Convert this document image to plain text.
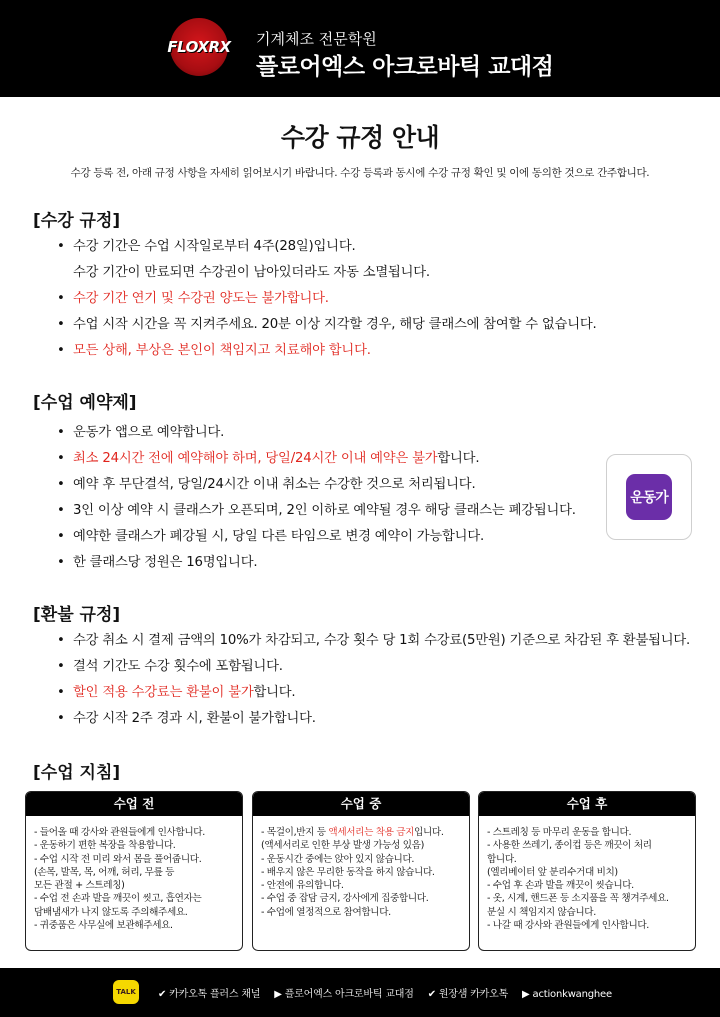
FLOXRX	기계체조 전문학원
플로어엑스 아크로바틱 교대점
수강 규정 안내
수강 등록 전, 아래 규정 사항을 자세히 읽어보시기 바랍니다. 수강 등록과 동시에 수강 규정 확인 및 이에 동의한 것으로 간주합니다.
[수강 규정]
• 수강 기간은 수업 시작일로부터 4주(28일)입니다.
수강 기간이 만료되면 수강권이 남아있더라도 자동 소멸됩니다.
• 수강 기간 연기 및 수강권 양도는 불가합니다.
• 수업 시작 시간을 꼭 지켜주세요. 20분 이상 지각할 경우, 해당 클래스에 참여할 수 없습니다.
• 모든 상해, 부상은 본인이 책임지고 치료해야 합니다.
[수업 예약제]
• 운동가 앱으로 예약합니다.
• 최소 24시간 전에 예약해야 하며, 당일/24시간 이내 예약은 불가합니다.
• 예약 후 무단결석, 당일/24시간 이내 취소는 수강한 것으로 처리됩니다.
• 3인 이상 예약 시 클래스가 오픈되며, 2인 이하로 예약될 경우 해당 클래스는 폐강됩니다.
• 예약한 클래스가 폐강될 시, 당일 다른 타임으로 변경 예약이 가능합니다.
• 한 클래스당 정원은 16명입니다.
운동가
[환불 규정]
• 수강 취소 시 결제 금액의 10%가 차감되고, 수강 횟수 당 1회 수강료(5만원) 기준으로 차감된 후 환불됩니다.
• 결석 기간도 수강 횟수에 포함됩니다.
• 할인 적용 수강료는 환불이 불가합니다.
• 수강 시작 2주 경과 시, 환불이 불가합니다.
[수업 지침]
수업 전
- 들어올 때 강사와 관원들에게 인사합니다.
- 운동하기 편한 복장을 착용합니다.
- 수업 시작 전 미리 와서 몸을 풀어줍니다.
(손목, 발목, 목, 어깨, 허리, 무릎 등
모든 관절 + 스트레칭)
- 수업 전 손과 발을 깨끗이 씻고, 흡연자는
담배냄새가 나지 않도록 주의해주세요.
- 귀중품은 사무실에 보관해주세요.
수업 중
- 목걸이,반지 등 액세서리는 착용 금지입니다.
(액세서리로 인한 부상 발생 가능성 있음)
- 운동시간 중에는 앉아 있지 않습니다.
- 배우지 않은 무리한 동작을 하지 않습니다.
- 안전에 유의합니다.
- 수업 중 잡담 금지, 강사에게 집중합니다.
- 수업에 열정적으로 참여합니다.
수업 후
- 스트레칭 등 마무리 운동을 합니다.
- 사용한 쓰레기, 종이컵 등은 깨끗이 처리
합니다.
(엘리베이터 앞 분리수거대 비치)
- 수업 후 손과 발을 깨끗이 씻습니다.
- 옷, 시계, 핸드폰 등 소지품을 꼭 챙겨주세요.
분실 시 책임지지 않습니다.
- 나갈 때 강사와 관원들에게 인사합니다.
TALK	✔ 카카오톡 플러스 채널 ▶ 플로어엑스 아크로바틱 교대점 ✔ 원장샘 카카오톡 ▶ actionkwanghee
